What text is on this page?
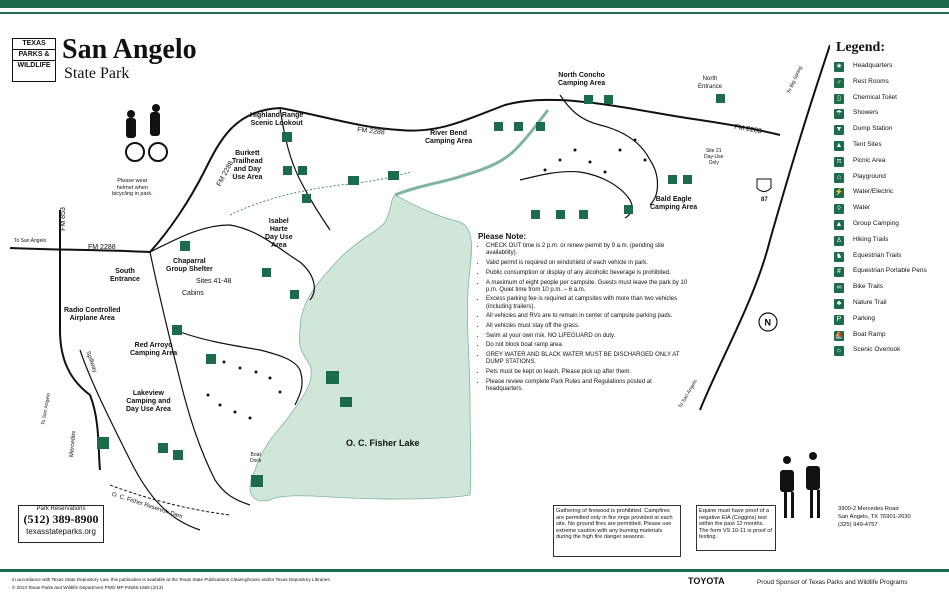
TEXAS
PARKS &
WILDLIFE
San Angelo
State Park
N
Highland Range
Scenic Lookout
Burkett
Trailhead
and Day
Use Area
Isabel
Harte
Day Use
Area
Chaparral
Group Shelter
Sites 41-48
Cabins
South
Entrance
Radio Controlled
Airplane Area
Red Arroyo
Camping Area
Lakeview
Camping and
Day Use Area
River Bend
Camping Area
North Concho
Camping Area
North
Entrance
Bald Eagle
Camping Area
Site 21
Day-Use
Only
Boat
Dock
Please wear
helmet when
bicycling in park.
O. C. Fisher Lake
FM 2288
FM 2288
FM 2288
FM 2288
FM 853
To San Angelo
To San Angelo	To San Angelo
To Big Spring
Mercedes
Spillway
87
O. C. Fisher Reservoir Dam
Please Note:
• CHECK OUT time is 2 p.m. or renew permit by 9 a.m. (pending site availability).
• Valid permit is required on windshield of each vehicle in park.
• Public consumption or display of any alcoholic beverage is prohibited.
• A maximum of eight people per campsite. Guests must leave the park by 10 p.m. Quiet time from 10 p.m. – 6 a.m.
• Excess parking fee is required at campsites with more than two vehicles (including trailers).
• All vehicles and RVs are to remain in center of campsite parking pads.
• All vehicles must stay off the grass.
• Swim at your own risk. NO LIFEGUARD on duty.
• Do not block boat ramp area.
• GREY WATER AND BLACK WATER MUST BE DISCHARGED ONLY AT DUMP STATIONS.
• Pets must be kept on leash. Please pick up after them.
• Please review complete Park Rules and Regulations posted at headquarters.
Legend:
★ Headquarters
♂	Rest Rooms
▯	Chemical Toilet
☂ Showers
▼ Dump Station
▲ Tent Sites
π	Picnic Area
⌂	Playground
⚡ Water/Electric
◊	Water
▲ Group Camping
♙ Hiking Trails
♞ Equestrian Trails
#	Equestrian Portable Pens
∞	Bike Trails
♣	Nature Trail
P	Parking
⛵ Boat Ramp
☼ Scenic Overlook
Gathering of firewood is prohibited. Campfires are permitted only in fire rings provided at each site. No ground fires are permitted. Please use extreme caution with any burning materials during the high fire danger seasons.
Equine must have proof of a negative EIA (Coggins) test within the past 12 months. The form VS 10-11 is proof of testing.
Park Reservations
(512) 389-8900
texasstateparks.org
3900-2 Mercedes Road
San Angelo, TX 76901-2630
(325) 949-4757
In accordance with Texas State Depository Law, this publication is available at the Texas State Publications Clearinghouse and/or Texas Depository Libraries.
© 2013 Texas Parks and Wildlife Department PWD MP P4506-1665 (2/13)
TOYOTA	Proud Sponsor of Texas Parks and Wildlife Programs
